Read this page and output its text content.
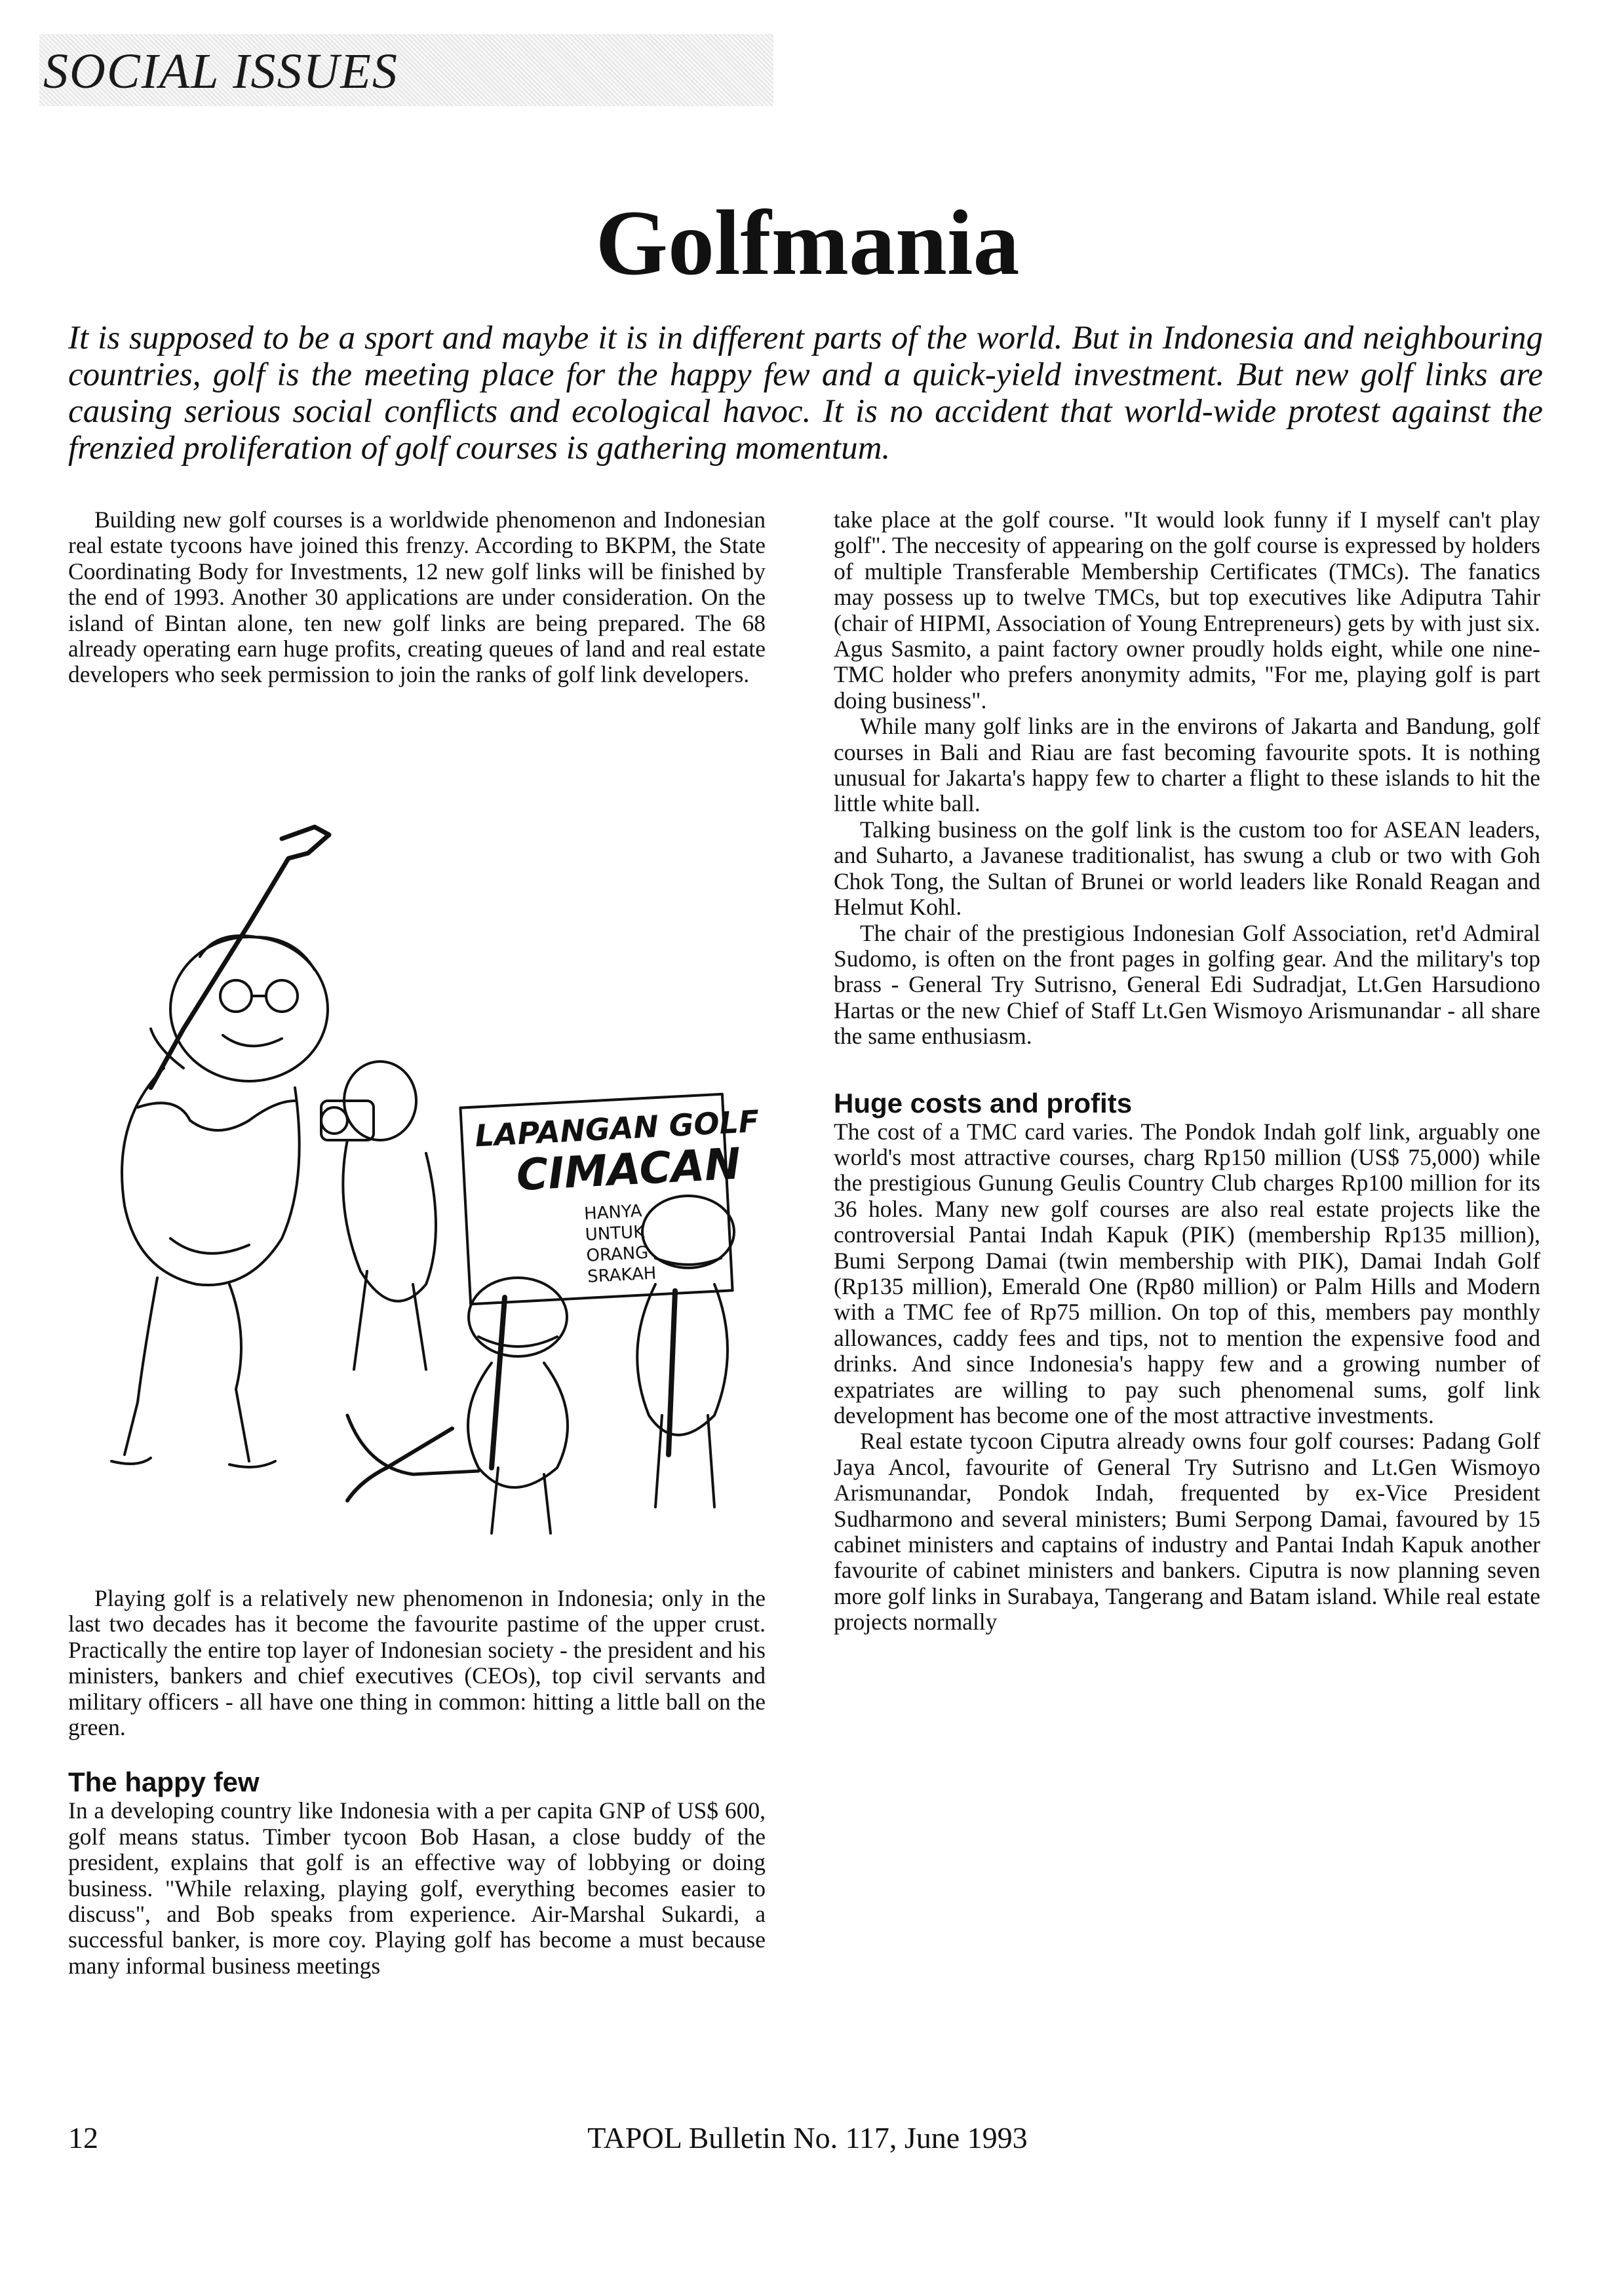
SOCIAL ISSUES
Golfmania
It is supposed to be a sport and maybe it is in different parts of the world. But in Indonesia and neighbouring countries, golf is the meeting place for the happy few and a quick-yield investment. But new golf links are causing serious social conflicts and ecological havoc. It is no accident that world-wide protest against the frenzied proliferation of golf courses is gathering momentum.

Building new golf courses is a worldwide phenomenon and Indonesian real estate tycoons have joined this frenzy. According to BKPM, the State Coordinating Body for Investments, 12 new golf links will be finished by the end of 1993. Another 30 applications are under consideration. On the island of Bintan alone, ten new golf links are being prepared. The 68 already operating earn huge profits, creating queues of land and real estate developers who seek permission to join the ranks of golf link developers.

LAPANGAN GOLF
CIMACAN
HANYA
UNTUK
ORANG
SRAKAH

Playing golf is a relatively new phenomenon in Indonesia; only in the last two decades has it become the favourite pastime of the upper crust. Practically the entire top layer of Indonesian society - the president and his ministers, bankers and chief executives (CEOs), top civil servants and military officers - all have one thing in common: hitting a little ball on the green.

The happy few

In a developing country like Indonesia with a per capita GNP of US$ 600, golf means status. Timber tycoon Bob Hasan, a close buddy of the president, explains that golf is an effective way of lobbying or doing business. "While relaxing, playing golf, everything becomes easier to discuss", and Bob speaks from experience. Air-Marshal Sukardi, a successful banker, is more coy. Playing golf has become a must because many informal business meetings

take place at the golf course. "It would look funny if I myself can't play golf". The neccesity of appearing on the golf course is expressed by holders of multiple Transferable Membership Certificates (TMCs). The fanatics may possess up to twelve TMCs, but top executives like Adiputra Tahir (chair of HIPMI, Association of Young Entrepreneurs) gets by with just six. Agus Sasmito, a paint factory owner proudly holds eight, while one nine-TMC holder who prefers anonymity admits, "For me, playing golf is part doing business".

While many golf links are in the environs of Jakarta and Bandung, golf courses in Bali and Riau are fast becoming favourite spots. It is nothing unusual for Jakarta's happy few to charter a flight to these islands to hit the little white ball.

Talking business on the golf link is the custom too for ASEAN leaders, and Suharto, a Javanese traditionalist, has swung a club or two with Goh Chok Tong, the Sultan of Brunei or world leaders like Ronald Reagan and Helmut Kohl.

The chair of the prestigious Indonesian Golf Association, ret'd Admiral Sudomo, is often on the front pages in golfing gear. And the military's top brass - General Try Sutrisno, General Edi Sudradjat, Lt.Gen Harsudiono Hartas or the new Chief of Staff Lt.Gen Wismoyo Arismunandar - all share the same enthusiasm.

Huge costs and profits

The cost of a TMC card varies. The Pondok Indah golf link, arguably one world's most attractive courses, charg Rp150 million (US$ 75,000) while the prestigious Gunung Geulis Country Club charges Rp100 million for its 36 holes. Many new golf courses are also real estate projects like the controversial Pantai Indah Kapuk (PIK) (membership Rp135 million), Bumi Serpong Damai (twin membership with PIK), Damai Indah Golf (Rp135 million), Emerald One (Rp80 million) or Palm Hills and Modern with a TMC fee of Rp75 million. On top of this, members pay monthly allowances, caddy fees and tips, not to mention the expensive food and drinks. And since Indonesia's happy few and a growing number of expatriates are willing to pay such phenomenal sums, golf link development has become one of the most attractive investments.

Real estate tycoon Ciputra already owns four golf courses: Padang Golf Jaya Ancol, favourite of General Try Sutrisno and Lt.Gen Wismoyo Arismunandar, Pondok Indah, frequented by ex-Vice President Sudharmono and several ministers; Bumi Serpong Damai, favoured by 15 cabinet ministers and captains of industry and Pantai Indah Kapuk another favourite of cabinet ministers and bankers. Ciputra is now planning seven more golf links in Surabaya, Tangerang and Batam island. While real estate projects normally

12	TAPOL Bulletin No. 117, June 1993
